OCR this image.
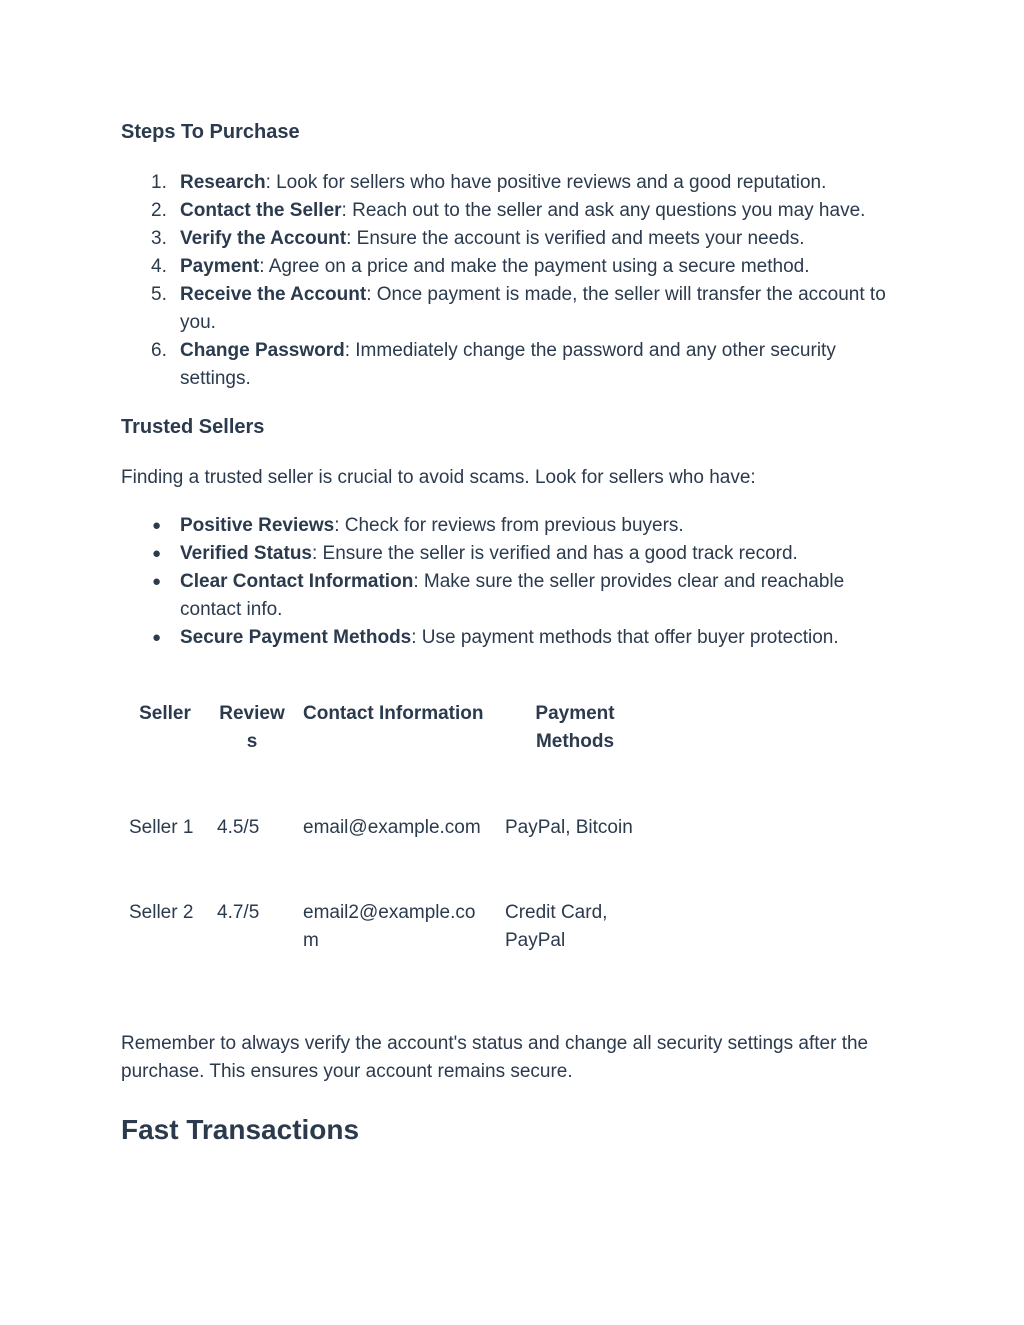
Steps To Purchase
1. Research: Look for sellers who have positive reviews and a good reputation.
2. Contact the Seller: Reach out to the seller and ask any questions you may have.
3. Verify the Account: Ensure the account is verified and meets your needs.
4. Payment: Agree on a price and make the payment using a secure method.
5. Receive the Account: Once payment is made, the seller will transfer the account to you.
6. Change Password: Immediately change the password and any other security settings.
Trusted Sellers

Finding a trusted seller is crucial to avoid scams. Look for sellers who have:

● Positive Reviews: Check for reviews from previous buyers.
● Verified Status: Ensure the seller is verified and has a good track record.
● Clear Contact Information: Make sure the seller provides clear and reachable contact info.
● Secure Payment Methods: Use payment methods that offer buyer protection.
Seller	Reviews	Contact Information	Payment Methods
Seller 1	4.5/5	email@example.com	PayPal, Bitcoin
Seller 2	4.7/5	email2@example.com	Credit Card, PayPal

Remember to always verify the account's status and change all security settings after the purchase. This ensures your account remains secure.

Fast Transactions
